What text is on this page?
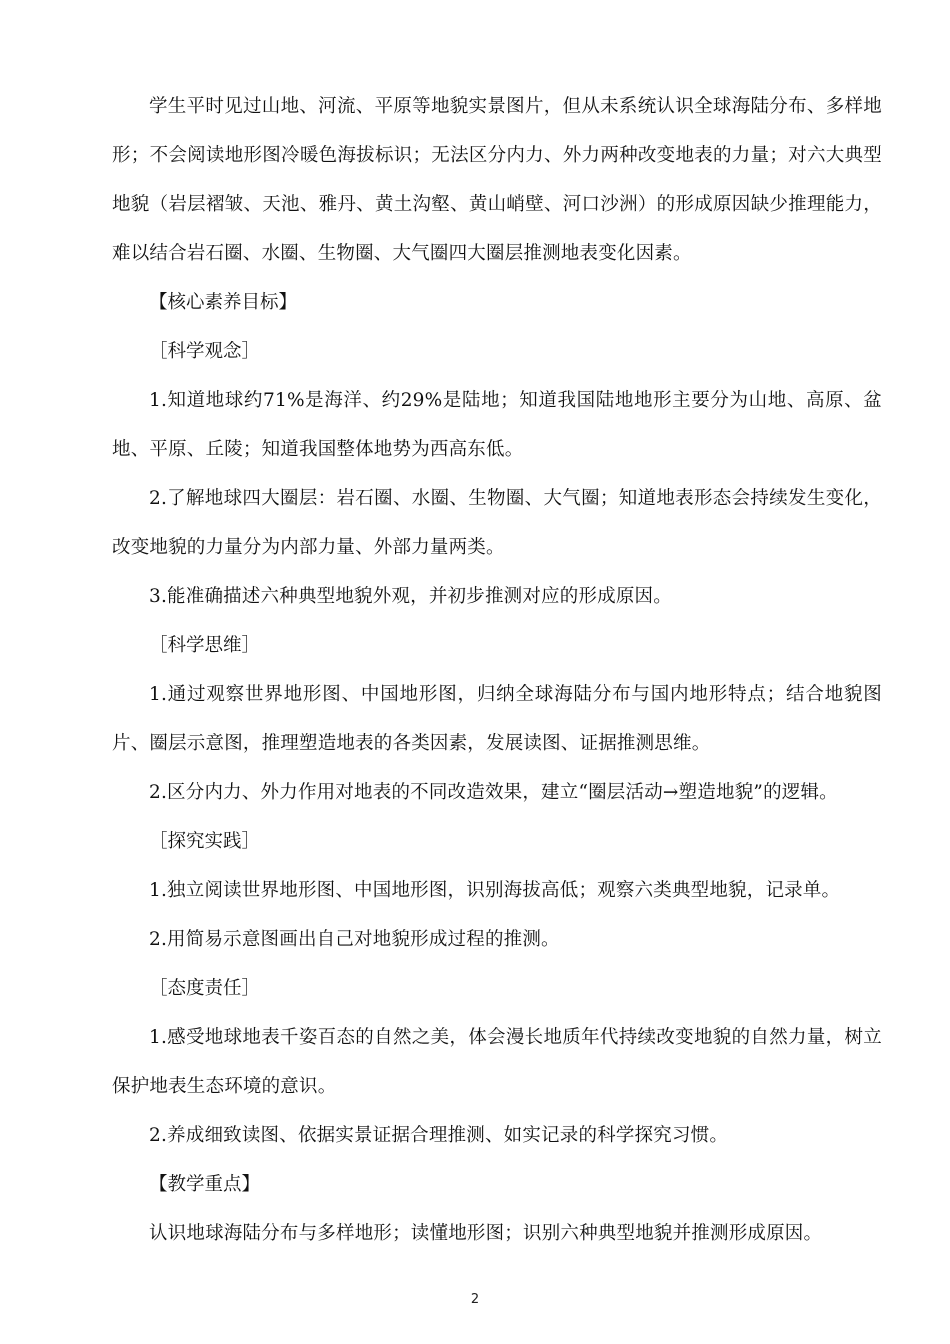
学生平时见过山地、河流、平原等地貌实景图片，但从未系统认识全球海陆分布、多样地形；不会阅读地形图冷暖色海拔标识；无法区分内力、外力两种改变地表的力量；对六大典型地貌（岩层褶皱、天池、雅丹、黄土沟壑、黄山峭壁、河口沙洲）的形成原因缺少推理能力，难以结合岩石圈、水圈、生物圈、大气圈四大圈层推测地表变化因素。

【核心素养目标】

［科学观念］

1.知道地球约71%是海洋、约29%是陆地；知道我国陆地地形主要分为山地、高原、盆地、平原、丘陵；知道我国整体地势为西高东低。

2.了解地球四大圈层：岩石圈、水圈、生物圈、大气圈；知道地表形态会持续发生变化，改变地貌的力量分为内部力量、外部力量两类。

3.能准确描述六种典型地貌外观，并初步推测对应的形成原因。

［科学思维］

1.通过观察世界地形图、中国地形图，归纳全球海陆分布与国内地形特点；结合地貌图片、圈层示意图，推理塑造地表的各类因素，发展读图、证据推测思维。

2.区分内力、外力作用对地表的不同改造效果，建立“圈层活动→塑造地貌”的逻辑。

［探究实践］

1.独立阅读世界地形图、中国地形图，识别海拔高低；观察六类典型地貌，记录单。

2.用简易示意图画出自己对地貌形成过程的推测。

［态度责任］

1.感受地球地表千姿百态的自然之美，体会漫长地质年代持续改变地貌的自然力量，树立保护地表生态环境的意识。

2.养成细致读图、依据实景证据合理推测、如实记录的科学探究习惯。

【教学重点】

认识地球海陆分布与多样地形；读懂地形图；识别六种典型地貌并推测形成原因。

2
